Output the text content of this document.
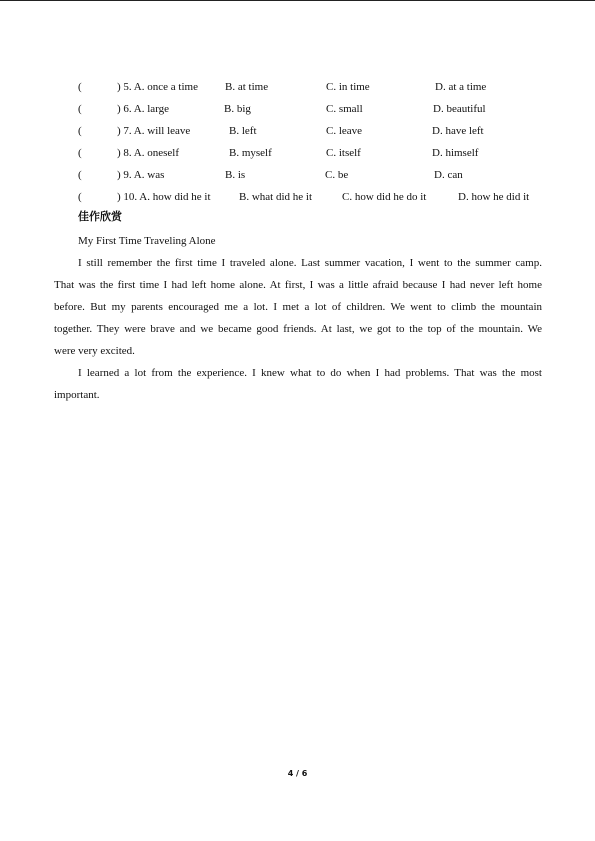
(	) 5. A. once a time B. at time	C. in time	D. at a time
(	) 6. A. large	B. big	C. small	D. beautiful
(	) 7. A. will leave	B. left	C. leave	D. have left
(	) 8. A. oneself	B. myself	C. itself	D. himself
(	) 9. A. was	B. is	C. be	D. can
(	) 10. A. how did he it	B. what did he it	C. how did he do it	D. how he did it
佳作欣赏
My First Time Traveling Alone
I still remember the first time I traveled alone. Last summer vacation, I went to the summer camp.
That was the first time I had left home alone. At first, I was a little afraid because I had never left home
before. But my parents encouraged me a lot. I met a lot of children. We went to climb the mountain
together. They were brave and we became good friends. At last, we got to the top of the mountain. We
were very excited.
I learned a lot from the experience. I knew what to do when I had problems. That was the most
important.
4 / 6
